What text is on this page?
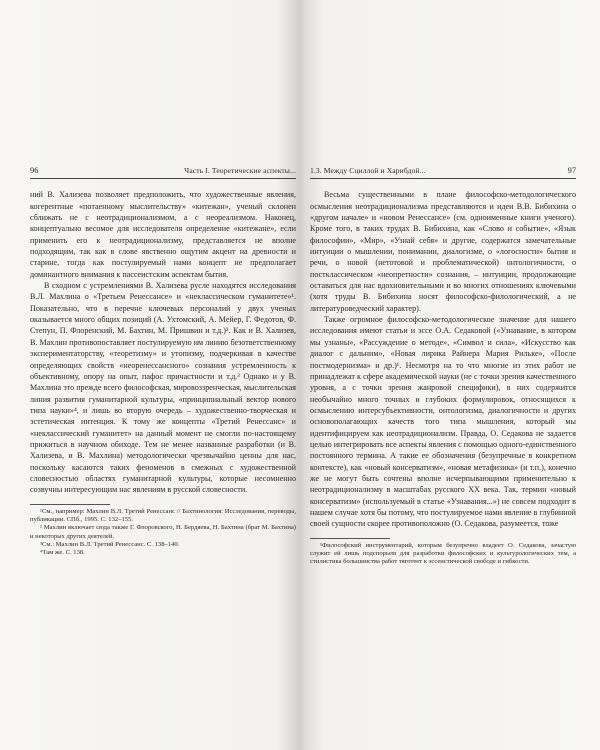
96	Часть I. Теоретические аспекты...

ний В. Хализева позволяет предположить, что художественные явления, когерентные «потаенному мыслительству» «китежан», ученый склонен сближать не с неотрадиционализмом, а с неореализмом. Наконец, концептуально весомое для исследователя определение «китежане», если применить его к неотрадиционализму, представляется не вполне подходящим, так как в слове явственно ощутим акцент на древности и старине, тогда как постулируемый нами концепт не предполагает доминантного внимания к пассеистским аспектам бытия.

В сходном с устремлениями В. Хализева русле находятся исследования В.Л. Махлина о «Третьем Ренессансе» и «неклассическом гуманитете»¹. Показательно, что в перечне ключевых персоналий у двух ученых оказывается много общих позиций (А. Ухтомский, А. Мейер, Г. Федотов, Ф. Степун, П. Флоренский, М. Бахтин, М. Пришвин и т.д.)². Как и В. Хализев, В. Махлин противопоставляет постулируемую им линию безответственному экспериментаторству, «теоретизму» и утопизму, подчеркивая в качестве определяющих свойств «неоренессансного» сознания устремленность к объективному, опору на опыт, пафос причастности и т.д.³ Однако и у В. Махлина это прежде всего философская, мировоззренческая, мыслительская линия развития гуманитарной культуры, «принципиальный вектор нового типа науки»⁴, и лишь во вторую очередь – художественно-творческая и эстетическая интенция. К тому же концепты «Третий Ренессанс» и «неклассический гуманитет» на данный момент не смогли по-настоящему прижиться в научном обиходе. Тем не менее названные разработки (и В. Хализева, и В. Махлина) методологически чрезвычайно ценны для нас, поскольку касаются таких феноменов в смежных с художественной словесностью областях гуманитарной культуры, которые несомненно созвучны интересующим нас явлениям в русской словесности.

¹См., например: Махлин В.Л. Третий Ренессанс // Бахтинология: Исследования, переводы, публикации. СПб., 1995. С. 132–155.
² Махлин включает сюда также Г. Флоровского, Н. Бердяева, Н. Бахтина (брат М. Бахтина) и некоторых других деятелей.
³См.: Махлин В.Л. Третий Ренессанс. С. 138–140.
⁴Там же. С. 138.
1.3. Между Сциллой и Харибдой...	97

Весьма существенными в плане философско-методологического осмысления неотрадиционализма представляются и идеи В.В. Бибихина о «другом начале» и «новом Ренессансе» (см. одноименные книги ученого). Кроме того, в таких трудах В. Бибихина, как «Слово и событие», «Язык философии», «Мир», «Узнай себя» и другие, содержатся замечательные интуиции о мышлении, понимании, диалогизме, о «логосности» бытия и речи, о новой (нетотовой и проблематической) онтологичности, о постклассическом «неопретности» сознания, – интуиции, продолжающие оставаться для нас вдохновительными и во многих отношениях ключевыми (хотя труды В. Бибихина носят философско-филологический, а не литературоведческий характер).

Также огромное философско-методологическое значение для нашего исследования имеют статьи и эссе О.А. Седаковой («Узнавание, в котором мы узнаны», «Рассуждение о методе», «Символ и сила», «Искусство как диалог с дальним», «Новая лирика Райнера Мария Рильке», «После постмодернизма» и др.)¹. Несмотря на то что многие из этих работ не принадлежат к сфере академической науки (не с точки зрения качественного уровня, а с точки зрения жанровой специфики), в них содержится необычайно много точных и глубоких формулировок, относящихся к осмыслению интерсубъективности, онтологизма, диалогичности и других основополагающих качеств того типа мышления, который мы идентифицируем как неотрадиционализм. Правда, О. Седакова не задается целью интегрировать все аспекты явления с помощью одного-единственного постоянного термина. А такие ее обозначения (безупречные в конкретном контексте), как «новый консерватизм», «новая метафизика» (и т.п.), конечно же не могут быть сочтены вполне исчерпывающими применительно к неотрадиционализму в масштабах русского XX века. Так, термин «новый консерватизм» (используемый в статье «Узнавания...») не совсем подходит в нашем случае хотя бы потому, что постулируемое нами явление в глубинной своей сущности скорее противоположно (О. Седакова, разумеется, тоже

¹Философский инструментарий, которым безупречно владеет О. Седакова, зачастую служит ей лишь подспорьем для разработки философских и культурологических тем, а стилистика большинства работ тяготеет к эссеистической свободе и гибкости.
